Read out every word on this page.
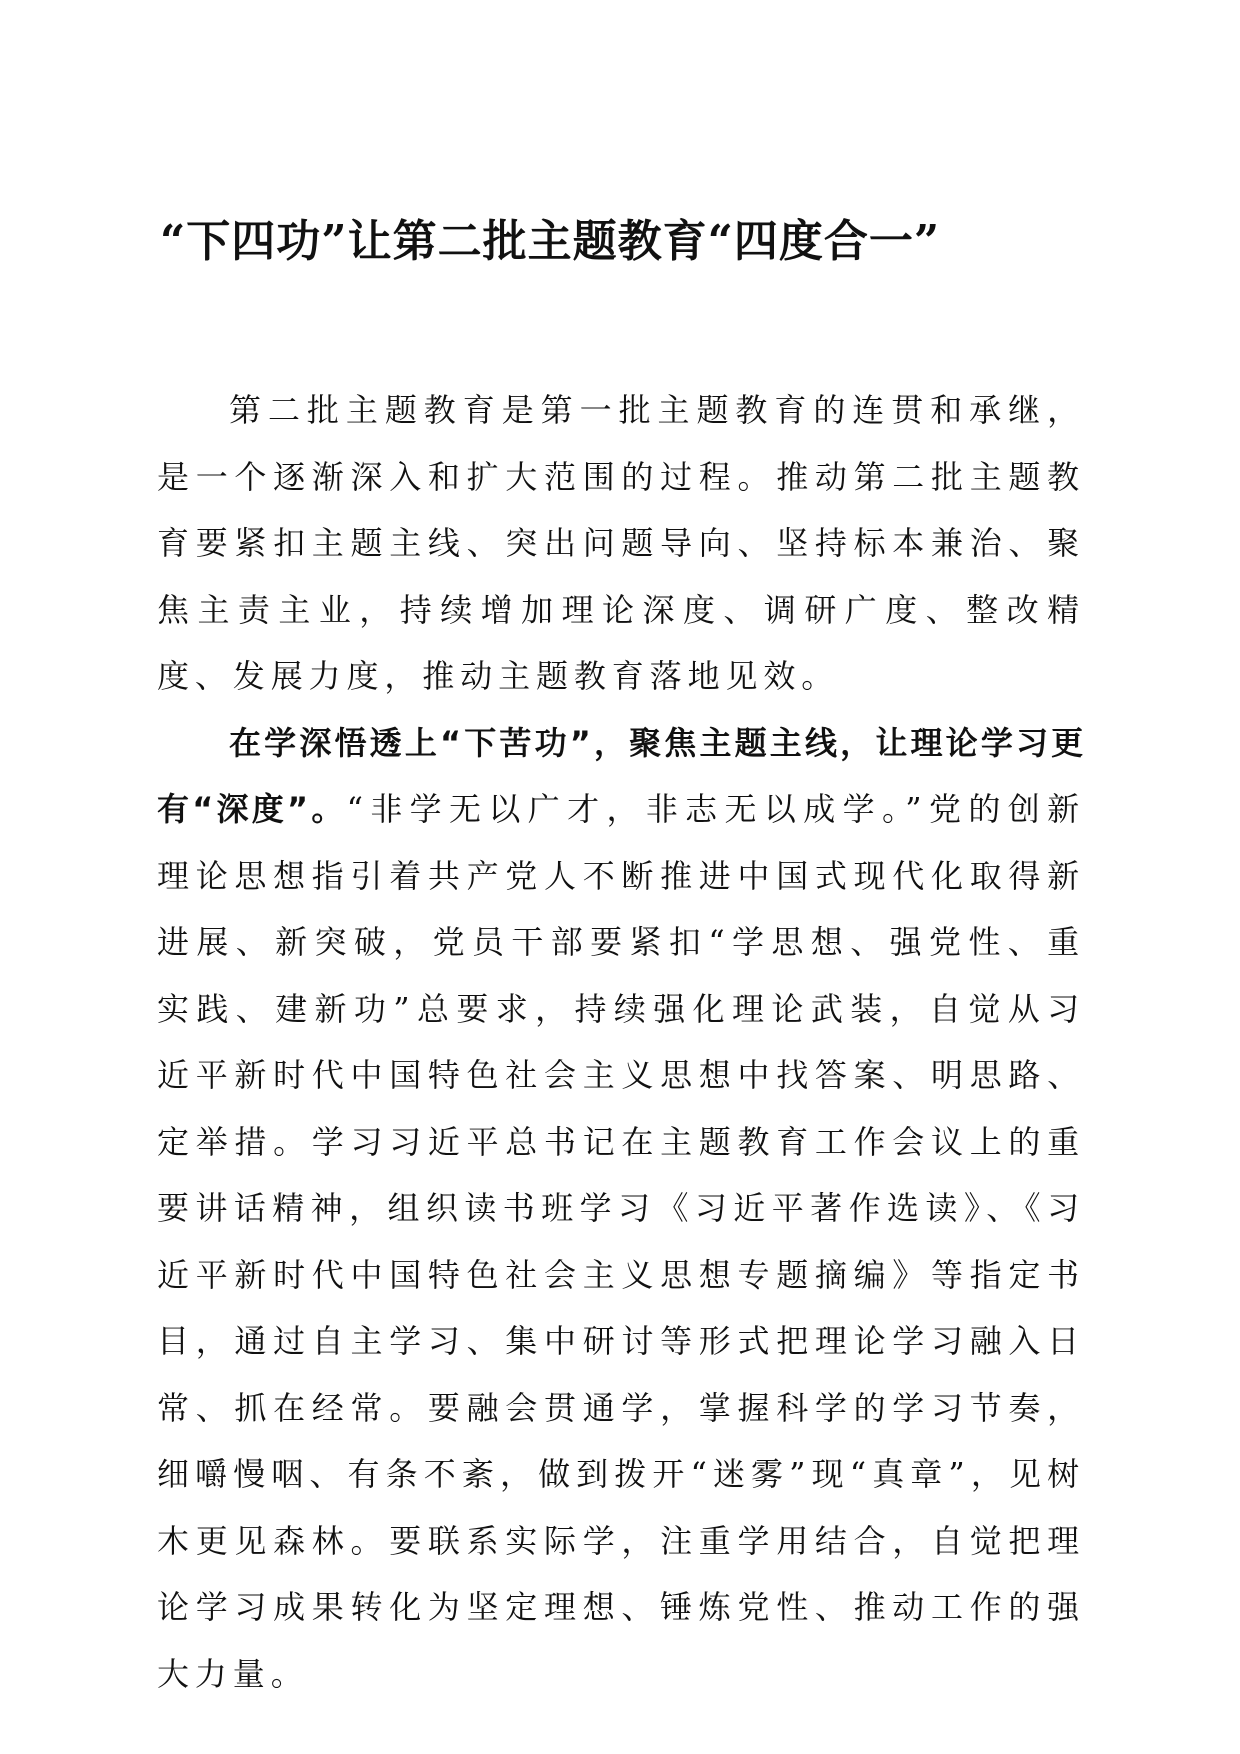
“下四功”让第二批主题教育“四度合一”

第二批主题教育是第一批主题教育的连贯和承继，是一个逐渐深入和扩大范围的过程。推动第二批主题教育要紧扣主题主线、突出问题导向、坚持标本兼治、聚焦主责主业，持续增加理论深度、调研广度、整改精度、发展力度，推动主题教育落地见效。

在学深悟透上“下苦功”，聚焦主题主线，让理论学习更有“深度”。“非学无以广才，非志无以成学。”党的创新理论思想指引着共产党人不断推进中国式现代化取得新进展、新突破，党员干部要紧扣“学思想、强党性、重实践、建新功”总要求，持续强化理论武装，自觉从习近平新时代中国特色社会主义思想中找答案、明思路、定举措。学习习近平总书记在主题教育工作会议上的重要讲话精神，组织读书班学习《习近平著作选读》、《习近平新时代中国特色社会主义思想专题摘编》等指定书目，通过自主学习、集中研讨等形式把理论学习融入日常、抓在经常。要融会贯通学，掌握科学的学习节奏，细嚼慢咽、有条不紊，做到拨开“迷雾”现“真章”，见树木更见森林。要联系实际学，注重学用结合，自觉把理论学习成果转化为坚定理想、锤炼党性、推动工作的强大力量。
